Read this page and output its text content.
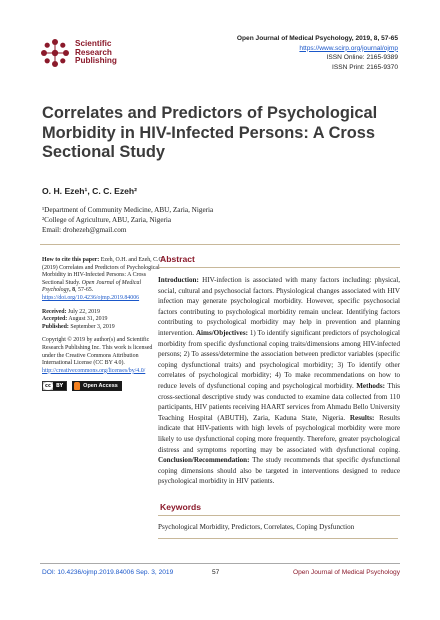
Scientific
Research
Publishing
Open Journal of Medical Psychology, 2019, 8, 57-65
https://www.scirp.org/journal/ojmp
ISSN Online: 2165-9389
ISSN Print: 2165-9370
Correlates and Predictors of Psychological Morbidity in HIV-Infected Persons: A Cross Sectional Study
O. H. Ezeh¹, C. C. Ezeh²
¹Department of Community Medicine, ABU, Zaria, Nigeria
²College of Agriculture, ABU, Zaria, Nigeria
Email: drohezeh@gmail.com

How to cite this paper: Ezeh, O.H. and Ezeh, C.C. (2019) Correlates and Predictors of Psychological Morbidity in HIV-Infected Persons: A Cross Sectional Study. Open Journal of Medical Psychology, 8, 57-65.
https://doi.org/10.4236/ojmp.2019.84006

Received: July 22, 2019
Accepted: August 31, 2019
Published: September 3, 2019

Copyright © 2019 by author(s) and Scientific Research Publishing Inc. This work is licensed under the Creative Commons Attribution International License (CC BY 4.0).
http://creativecommons.org/licenses/by/4.0/

cc	BY	Open Access
Abstract

Introduction: HIV-infection is associated with many factors including: physical, social, cultural and psychosocial factors. Physiological changes associated with HIV infection may generate psychological morbidity. However, specific psychosocial factors contributing to psychological morbidity remain unclear. Identifying factors contributing to psychological morbidity may help in prevention and planning intervention. Aims/Objectives: 1) To identify significant predictors of psychological morbidity from specific dysfunctional coping traits/dimensions among HIV-infected persons; 2) To assess/determine the association between predictor variables (specific coping dysfunctional traits) and psychological morbidity; 3) To identify other correlates of psychological morbidity; 4) To make recommendations on how to reduce levels of dysfunctional coping and psychological morbidity. Methods: This cross-sectional descriptive study was conducted to examine data collected from 110 participants, HIV patients receiving HAART services from Ahmadu Bello University Teaching Hospital (ABUTH), Zaria, Kaduna State, Nigeria. Results: Results indicate that HIV-patients with high levels of psychological morbidity were more likely to use dysfunctional coping more frequently. Therefore, greater psychological distress and symptoms reporting may be associated with dysfunctional coping. Conclusion/Recommendation: The study recommends that specific dysfunctional coping dimensions should also be targeted in interventions designed to reduce psychological morbidity in HIV patients.

Keywords

Psychological Morbidity, Predictors, Correlates, Coping Dysfunction

DOI: 10.4236/ojmp.2019.84006 Sep. 3, 2019	57	Open Journal of Medical Psychology
